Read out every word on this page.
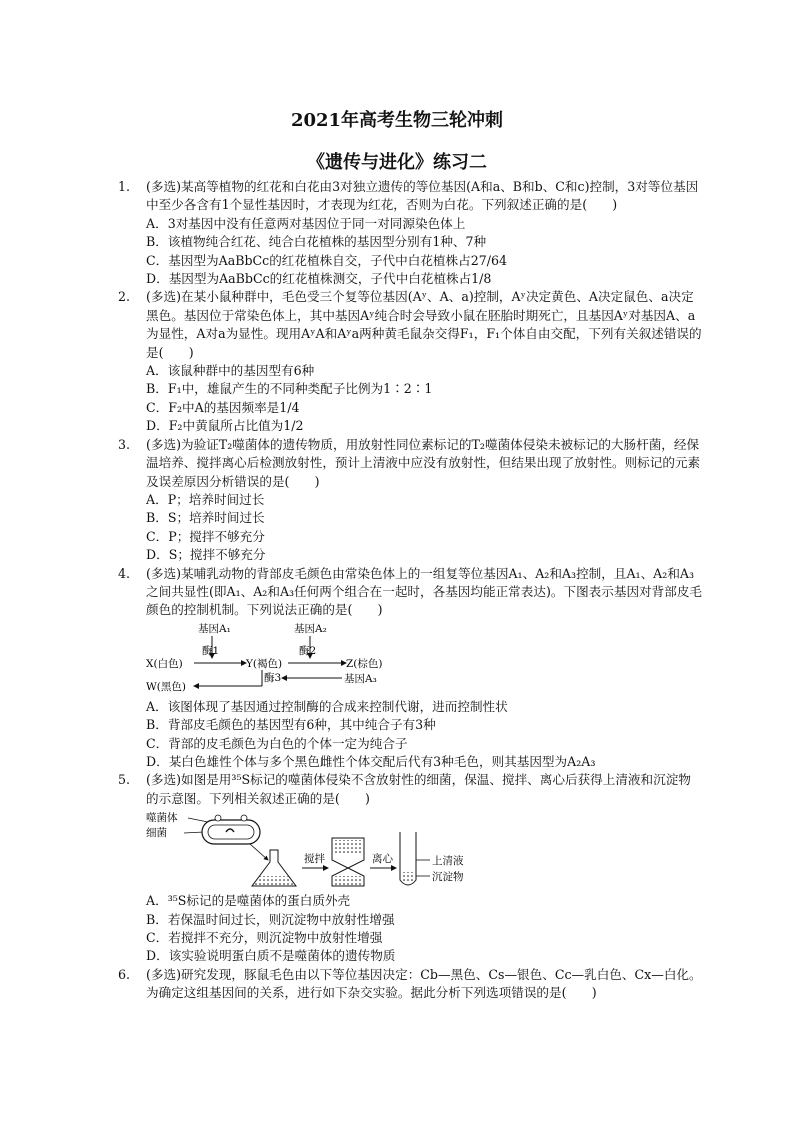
2021年高考生物三轮冲刺
《遗传与进化》练习二
1.	(多选)某高等植物的红花和白花由3对独立遗传的等位基因(A和a、B和b、C和c)控制，3对等位基因中至少各含有1个显性基因时，才表现为红花，否则为白花。下列叙述正确的是(　　)
A．3对基因中没有任意两对基因位于同一对同源染色体上
B．该植物纯合红花、纯合白花植株的基因型分别有1种、7种
C．基因型为AaBbCc的红花植株自交，子代中白花植株占27/64
D．基因型为AaBbCc的红花植株测交，子代中白花植株占1/8
2.	(多选)在某小鼠种群中，毛色受三个复等位基因(Aʸ、A、a)控制，Aʸ决定黄色、A决定鼠色、a决定黑色。基因位于常染色体上，其中基因Aʸ纯合时会导致小鼠在胚胎时期死亡，且基因Aʸ对基因A、a为显性，A对a为显性。现用AʸA和Aʸa两种黄毛鼠杂交得F₁，F₁个体自由交配，下列有关叙述错误的是(　　)
A．该鼠种群中的基因型有6种
B．F₁中，雄鼠产生的不同种类配子比例为1∶2∶1
C．F₂中A的基因频率是1/4
D．F₂中黄鼠所占比值为1/2
3.	(多选)为验证T₂噬菌体的遗传物质，用放射性同位素标记的T₂噬菌体侵染未被标记的大肠杆菌，经保温培养、搅拌离心后检测放射性，预计上清液中应没有放射性，但结果出现了放射性。则标记的元素及误差原因分析错误的是(　　)
A．P；培养时间过长
B．S；培养时间过长
C．P；搅拌不够充分
D．S；搅拌不够充分
4.	(多选)某哺乳动物的背部皮毛颜色由常染色体上的一组复等位基因A₁、A₂和A₃控制，且A₁、A₂和A₃之间共显性(即A₁、A₂和A₃任何两个组合在一起时，各基因均能正常表达)。下图表示基因对背部皮毛颜色的控制机制。下列说法正确的是(　　)
基因A₁	基因A₂
酶1	酶2
X(白色)	Y(褐色)	Z(棕色)
W(黑色)
酶3	基因A₃
A．该图体现了基因通过控制酶的合成来控制代谢，进而控制性状
B．背部皮毛颜色的基因型有6种，其中纯合子有3种
C．背部的皮毛颜色为白色的个体一定为纯合子
D．某白色雄性个体与多个黑色雌性个体交配后代有3种毛色，则其基因型为A₂A₃
5.	(多选)如图是用³⁵S标记的噬菌体侵染不含放射性的细菌，保温、搅拌、离心后获得上清液和沉淀物的示意图。下列相关叙述正确的是(　　)
噬菌体
细菌
搅拌	离心	上清液
沉淀物
A．³⁵S标记的是噬菌体的蛋白质外壳
B．若保温时间过长，则沉淀物中放射性增强
C．若搅拌不充分，则沉淀物中放射性增强
D．该实验说明蛋白质不是噬菌体的遗传物质
6.	(多选)研究发现，豚鼠毛色由以下等位基因决定：Cb—黑色、Cs—银色、Cc—乳白色、Cx—白化。为确定这组基因间的关系，进行如下杂交实验。据此分析下列选项错误的是(　　)
